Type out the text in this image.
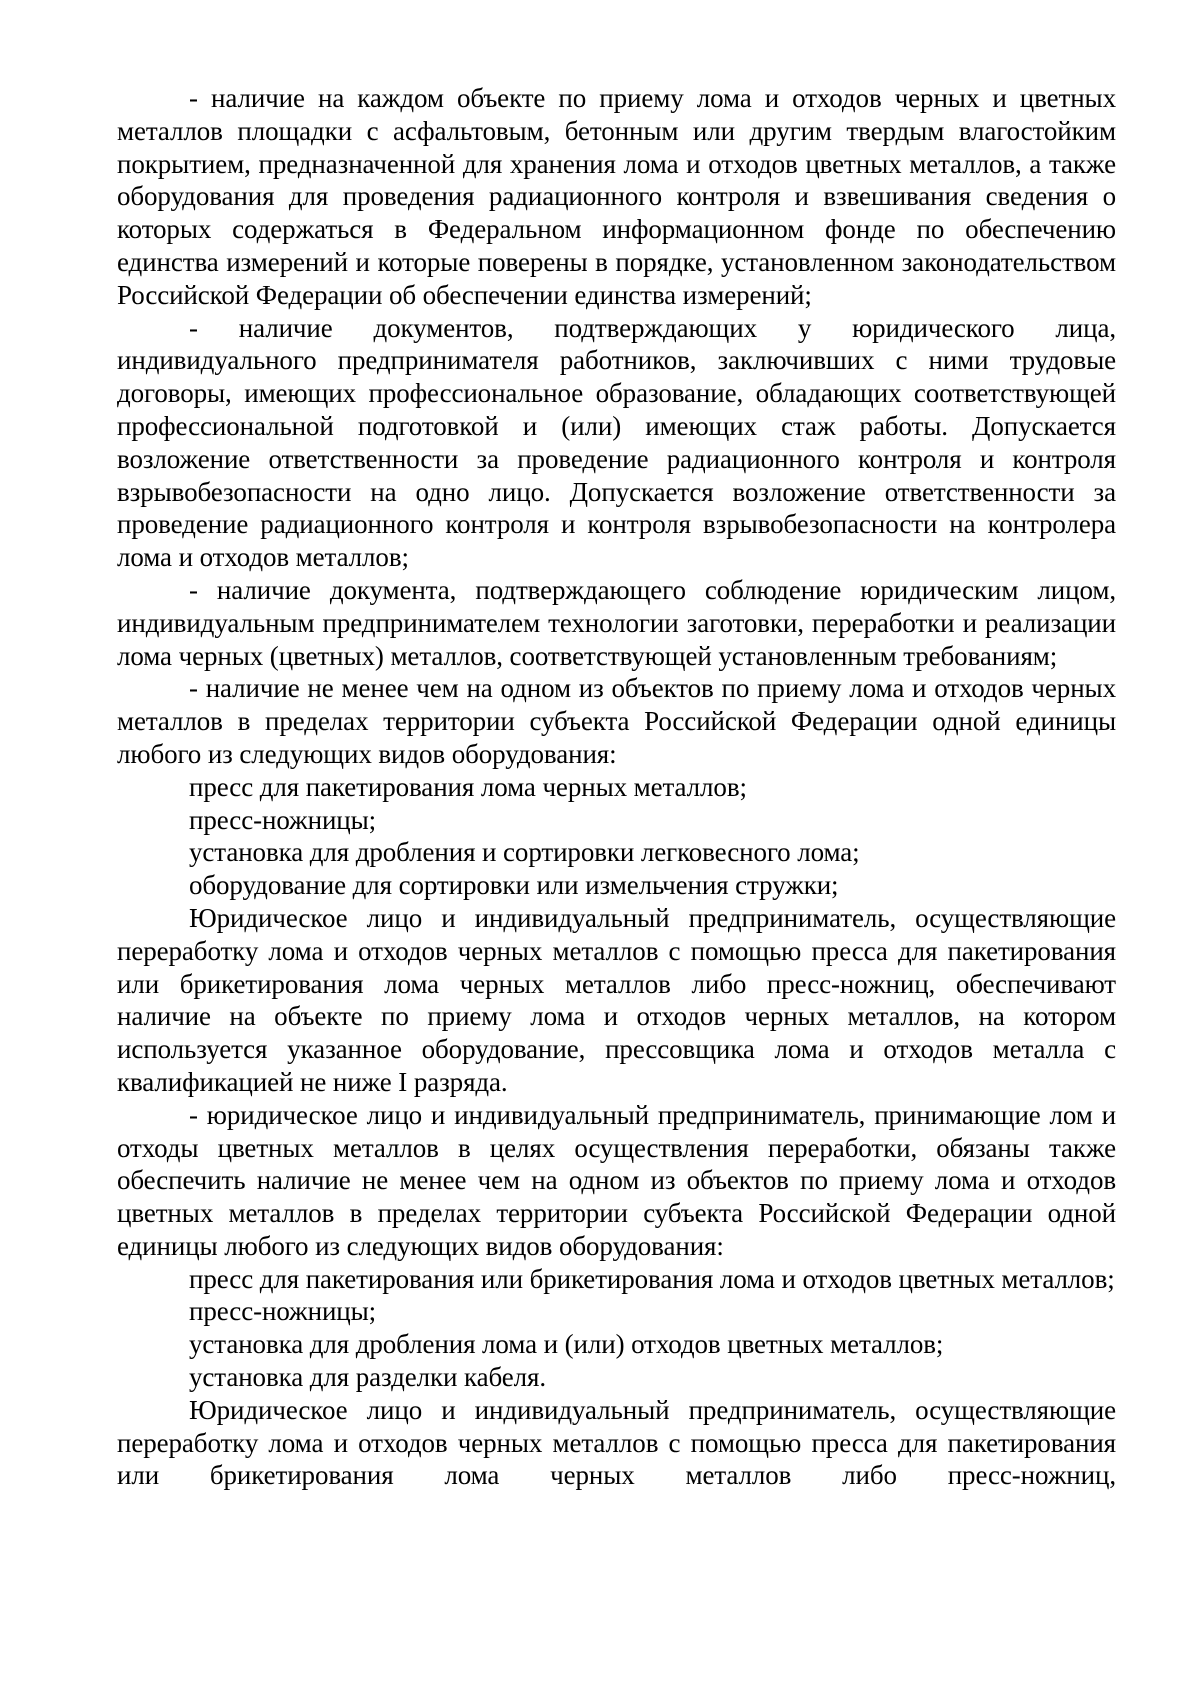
- наличие на каждом объекте по приему лома и отходов черных и цветных металлов площадки с асфальтовым, бетонным или другим твердым влагостойким покрытием, предназначенной для хранения лома и отходов цветных металлов, а также оборудования для проведения радиационного контроля и взвешивания сведения о которых содержаться в Федеральном информационном фонде по обеспечению единства измерений и которые поверены в порядке, установленном законодательством Российской Федерации об обеспечении единства измерений;

- наличие документов, подтверждающих у юридического лица, индивидуального предпринимателя работников, заключивших с ними трудовые договоры, имеющих профессиональное образование, обладающих соответствующей профессиональной подготовкой и (или) имеющих стаж работы. Допускается возложение ответственности за проведение радиационного контроля и контроля взрывобезопасности на одно лицо. Допускается возложение ответственности за проведение радиационного контроля и контроля взрывобезопасности на контролера лома и отходов металлов;

- наличие документа, подтверждающего соблюдение юридическим лицом, индивидуальным предпринимателем технологии заготовки, переработки и реализации лома черных (цветных) металлов, соответствующей установленным требованиям;

- наличие не менее чем на одном из объектов по приему лома и отходов черных металлов в пределах территории субъекта Российской Федерации одной единицы любого из следующих видов оборудования:

пресс для пакетирования лома черных металлов;

пресс-ножницы;

установка для дробления и сортировки легковесного лома;

оборудование для сортировки или измельчения стружки;

Юридическое лицо и индивидуальный предприниматель, осуществляющие переработку лома и отходов черных металлов с помощью пресса для пакетирования или брикетирования лома черных металлов либо пресс-ножниц, обеспечивают наличие на объекте по приему лома и отходов черных металлов, на котором используется указанное оборудование, прессовщика лома и отходов металла с квалификацией не ниже I разряда.

- юридическое лицо и индивидуальный предприниматель, принимающие лом и отходы цветных металлов в целях осуществления переработки, обязаны также обеспечить наличие не менее чем на одном из объектов по приему лома и отходов цветных металлов в пределах территории субъекта Российской Федерации одной единицы любого из следующих видов оборудования:

пресс для пакетирования или брикетирования лома и отходов цветных металлов;

пресс-ножницы;

установка для дробления лома и (или) отходов цветных металлов;

установка для разделки кабеля.

Юридическое лицо и индивидуальный предприниматель, осуществляющие переработку лома и отходов черных металлов с помощью пресса для пакетирования или брикетирования лома черных металлов либо пресс-ножниц,
